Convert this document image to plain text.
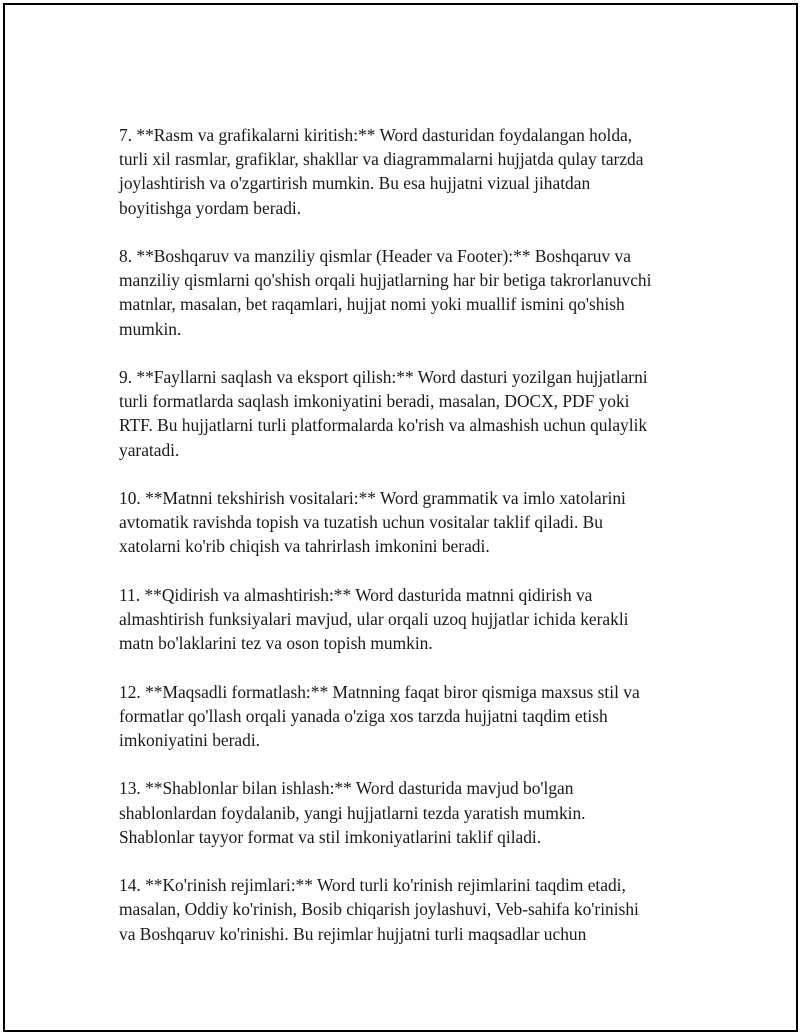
7. **Rasm va grafikalarni kiritish:** Word dasturidan foydalangan holda,
turli xil rasmlar, grafiklar, shakllar va diagrammalarni hujjatda qulay tarzda
joylashtirish va o'zgartirish mumkin. Bu esa hujjatni vizual jihatdan
boyitishga yordam beradi.

8. **Boshqaruv va manziliy qismlar (Header va Footer):** Boshqaruv va
manziliy qismlarni qo'shish orqali hujjatlarning har bir betiga takrorlanuvchi
matnlar, masalan, bet raqamlari, hujjat nomi yoki muallif ismini qo'shish
mumkin.

9. **Fayllarni saqlash va eksport qilish:** Word dasturi yozilgan hujjatlarni
turli formatlarda saqlash imkoniyatini beradi, masalan, DOCX, PDF yoki
RTF. Bu hujjatlarni turli platformalarda ko'rish va almashish uchun qulaylik
yaratadi.

10. **Matnni tekshirish vositalari:** Word grammatik va imlo xatolarini
avtomatik ravishda topish va tuzatish uchun vositalar taklif qiladi. Bu
xatolarni ko'rib chiqish va tahrirlash imkonini beradi.

11. **Qidirish va almashtirish:** Word dasturida matnni qidirish va
almashtirish funksiyalari mavjud, ular orqali uzoq hujjatlar ichida kerakli
matn bo'laklarini tez va oson topish mumkin.

12. **Maqsadli formatlash:** Matnning faqat biror qismiga maxsus stil va
formatlar qo'llash orqali yanada o'ziga xos tarzda hujjatni taqdim etish
imkoniyatini beradi.

13. **Shablonlar bilan ishlash:** Word dasturida mavjud bo'lgan
shablonlardan foydalanib, yangi hujjatlarni tezda yaratish mumkin.
Shablonlar tayyor format va stil imkoniyatlarini taklif qiladi.

14. **Ko'rinish rejimlari:** Word turli ko'rinish rejimlarini taqdim etadi,
masalan, Oddiy ko'rinish, Bosib chiqarish joylashuvi, Veb-sahifa ko'rinishi
va Boshqaruv ko'rinishi. Bu rejimlar hujjatni turli maqsadlar uchun
